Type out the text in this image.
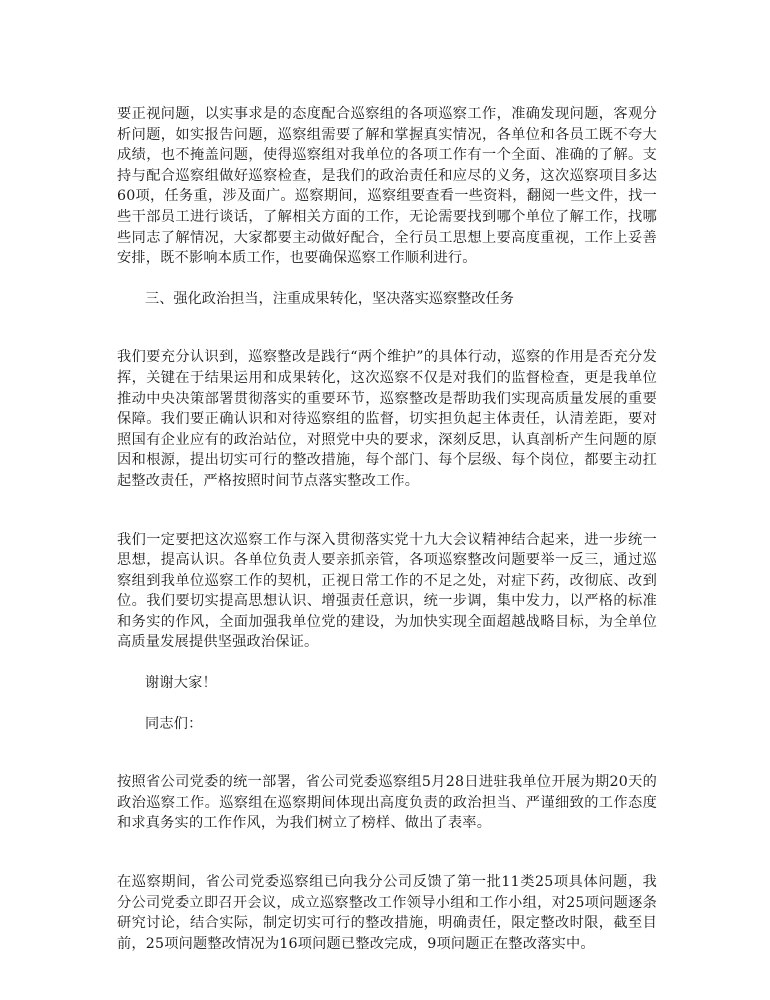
要正视问题，以实事求是的态度配合巡察组的各项巡察工作，准确发现问题，客观分析问题，如实报告问题，巡察组需要了解和掌握真实情况，各单位和各员工既不夸大成绩，也不掩盖问题，使得巡察组对我单位的各项工作有一个全面、准确的了解。支持与配合巡察组做好巡察检查，是我们的政治责任和应尽的义务，这次巡察项目多达60项，任务重，涉及面广。巡察期间，巡察组要查看一些资料，翻阅一些文件，找一些干部员工进行谈话，了解相关方面的工作，无论需要找到哪个单位了解工作，找哪些同志了解情况，大家都要主动做好配合，全行员工思想上要高度重视，工作上妥善安排，既不影响本质工作，也要确保巡察工作顺利进行。

三、强化政治担当，注重成果转化，坚决落实巡察整改任务

我们要充分认识到，巡察整改是践行“两个维护”的具体行动，巡察的作用是否充分发挥，关键在于结果运用和成果转化，这次巡察不仅是对我们的监督检查，更是我单位推动中央决策部署贯彻落实的重要环节，巡察整改是帮助我们实现高质量发展的重要保障。我们要正确认识和对待巡察组的监督，切实担负起主体责任，认清差距，要对照国有企业应有的政治站位，对照党中央的要求，深刻反思，认真剖析产生问题的原因和根源，提出切实可行的整改措施，每个部门、每个层级、每个岗位，都要主动扛起整改责任，严格按照时间节点落实整改工作。

我们一定要把这次巡察工作与深入贯彻落实党十九大会议精神结合起来，进一步统一思想，提高认识。各单位负责人要亲抓亲管，各项巡察整改问题要举一反三，通过巡察组到我单位巡察工作的契机，正视日常工作的不足之处，对症下药，改彻底、改到位。我们要切实提高思想认识、增强责任意识，统一步调，集中发力，以严格的标准和务实的作风，全面加强我单位党的建设，为加快实现全面超越战略目标，为全单位高质量发展提供坚强政治保证。

谢谢大家！

同志们：

按照省公司党委的统一部署，省公司党委巡察组5月28日进驻我单位开展为期20天的政治巡察工作。巡察组在巡察期间体现出高度负责的政治担当、严谨细致的工作态度和求真务实的工作作风，为我们树立了榜样、做出了表率。

在巡察期间，省公司党委巡察组已向我分公司反馈了第一批11类25项具体问题，我分公司党委立即召开会议，成立巡察整改工作领导小组和工作小组，对25项问题逐条研究讨论，结合实际，制定切实可行的整改措施，明确责任，限定整改时限，截至目前，25项问题整改情况为16项问题已整改完成，9项问题正在整改落实中。
